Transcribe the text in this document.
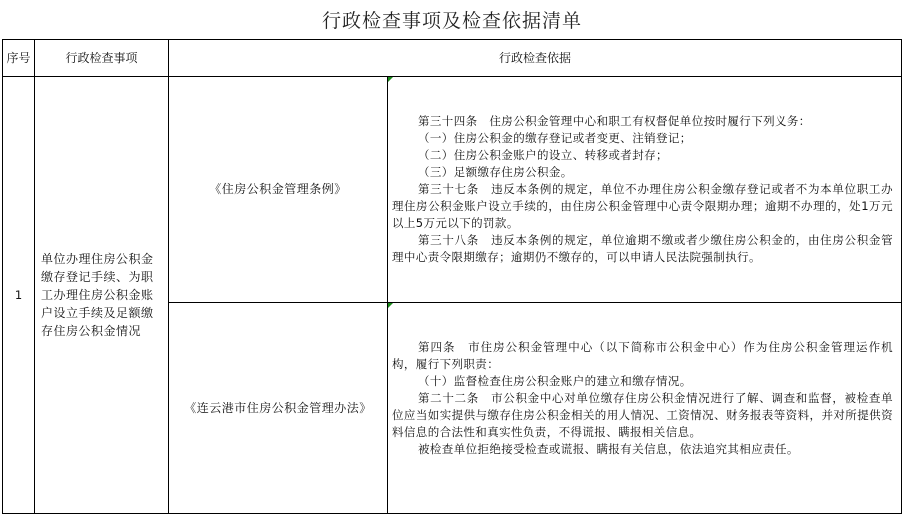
行政检查事项及检查依据清单
序号	行政检查事项	行政检查依据
1
单位办理住房公积金缴存登记手续、为职工办理住房公积金账户设立手续及足额缴存住房公积金情况
《住房公积金管理条例》
《连云港市住房公积金管理办法》

第三十四条　住房公积金管理中心和职工有权督促单位按时履行下列义务：

（一）住房公积金的缴存登记或者变更、注销登记；

（二）住房公积金账户的设立、转移或者封存；

（三）足额缴存住房公积金。

第三十七条　违反本条例的规定，单位不办理住房公积金缴存登记或者不为本单位职工办理住房公积金账户设立手续的，由住房公积金管理中心责令限期办理；逾期不办理的，处1万元以上5万元以下的罚款。

第三十八条　违反本条例的规定，单位逾期不缴或者少缴住房公积金的，由住房公积金管理中心责令限期缴存；逾期仍不缴存的，可以申请人民法院强制执行。

第四条　市住房公积金管理中心（以下简称市公积金中心）作为住房公积金管理运作机构，履行下列职责：

（十）监督检查住房公积金账户的建立和缴存情况。

第二十二条　市公积金中心对单位缴存住房公积金情况进行了解、调查和监督，被检查单位应当如实提供与缴存住房公积金相关的用人情况、工资情况、财务报表等资料，并对所提供资料信息的合法性和真实性负责，不得谎报、瞒报相关信息。

被检查单位拒绝接受检查或谎报、瞒报有关信息，依法追究其相应责任。
